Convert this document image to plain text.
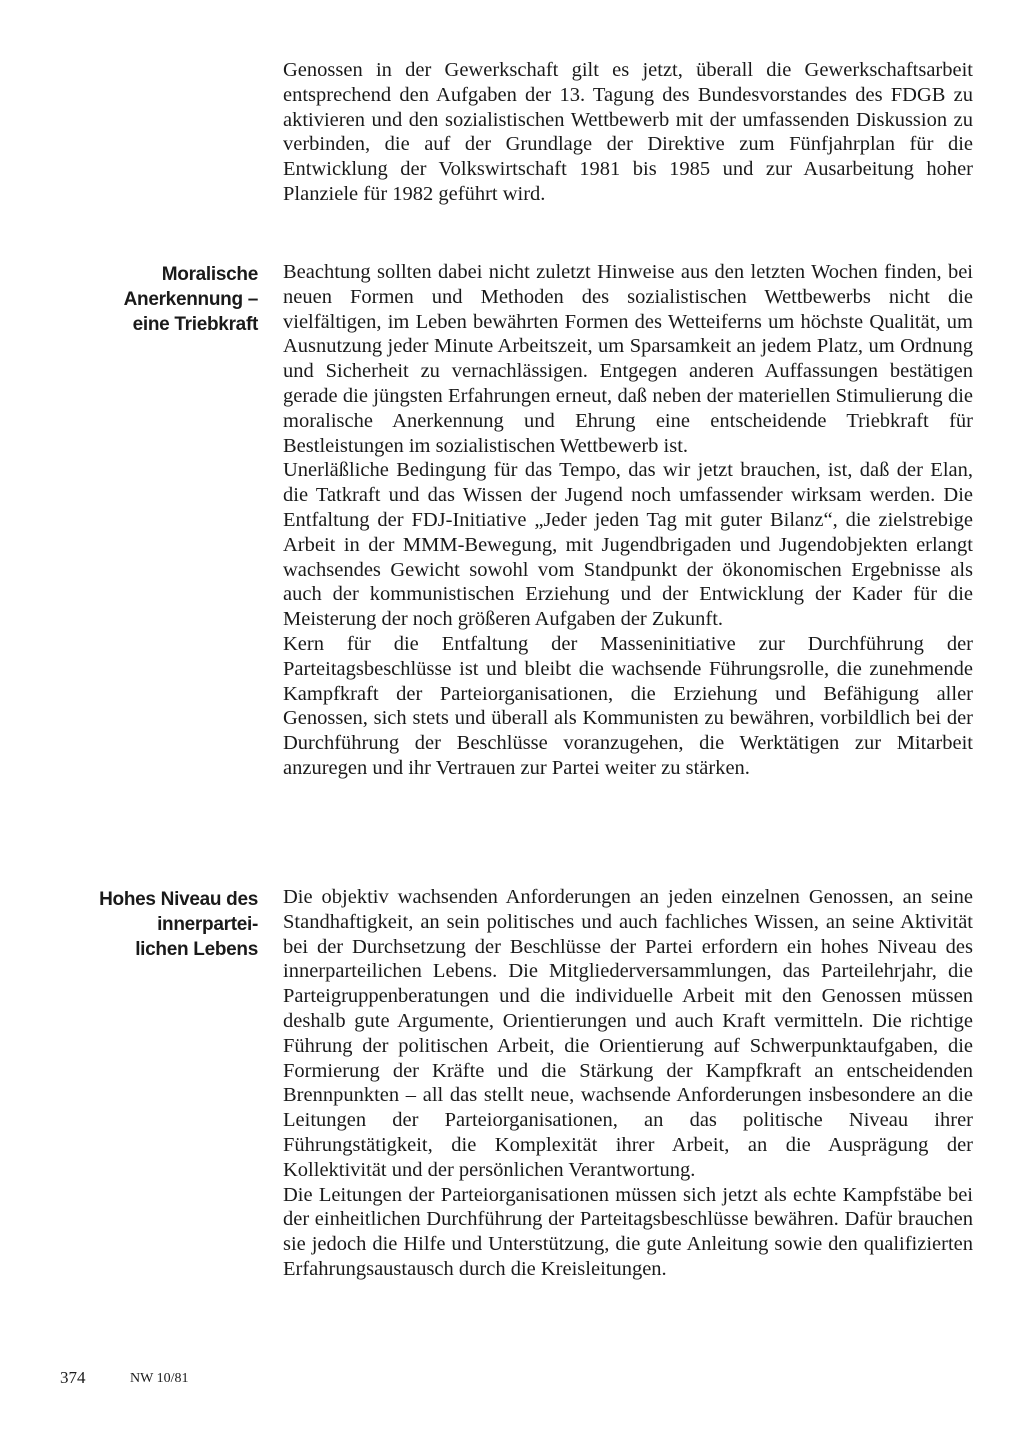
Genossen in der Gewerkschaft gilt es jetzt, überall die Gewerkschaftsarbeit entsprechend den Aufgaben der 13. Tagung des Bundesvorstandes des FDGB zu aktivieren und den sozialistischen Wettbewerb mit der umfassenden Diskussion zu verbinden, die auf der Grundlage der Direktive zum Fünfjahrplan für die Entwicklung der Volkswirtschaft 1981 bis 1985 und zur Ausarbeitung hoher Planziele für 1982 geführt wird.

Moralische
Anerkennung –
eine Triebkraft

Beachtung sollten dabei nicht zuletzt Hinweise aus den letzten Wochen finden, bei neuen Formen und Methoden des sozialistischen Wettbewerbs nicht die vielfältigen, im Leben bewährten Formen des Wetteiferns um höchste Qualität, um Ausnutzung jeder Minute Arbeitszeit, um Sparsamkeit an jedem Platz, um Ordnung und Sicherheit zu vernachlässigen. Entgegen anderen Auffassungen bestätigen gerade die jüngsten Erfahrungen erneut, daß neben der materiellen Stimulierung die moralische Anerkennung und Ehrung eine entscheidende Triebkraft für Bestleistungen im sozialistischen Wettbewerb ist.

Unerläßliche Bedingung für das Tempo, das wir jetzt brauchen, ist, daß der Elan, die Tatkraft und das Wissen der Jugend noch umfassender wirksam werden. Die Entfaltung der FDJ-Initiative „Jeder jeden Tag mit guter Bilanz“, die zielstrebige Arbeit in der MMM-Bewegung, mit Jugendbrigaden und Jugendobjekten erlangt wachsendes Gewicht sowohl vom Standpunkt der ökonomischen Ergebnisse als auch der kommunistischen Erziehung und der Entwicklung der Kader für die Meisterung der noch größeren Aufgaben der Zukunft.

Kern für die Entfaltung der Masseninitiative zur Durchführung der Parteitagsbeschlüsse ist und bleibt die wachsende Führungsrolle, die zunehmende Kampfkraft der Parteiorganisationen, die Erziehung und Befähigung aller Genossen, sich stets und überall als Kommunisten zu bewähren, vorbildlich bei der Durchführung der Beschlüsse voranzugehen, die Werktätigen zur Mitarbeit anzuregen und ihr Vertrauen zur Partei weiter zu stärken.

Hohes Niveau des
innerpartei-
lichen Lebens

Die objektiv wachsenden Anforderungen an jeden einzelnen Genossen, an seine Standhaftigkeit, an sein politisches und auch fachliches Wissen, an seine Aktivität bei der Durchsetzung der Beschlüsse der Partei erfordern ein hohes Niveau des innerparteilichen Lebens. Die Mitgliederversammlungen, das Parteilehrjahr, die Parteigruppenberatungen und die individuelle Arbeit mit den Genossen müssen deshalb gute Argumente, Orientierungen und auch Kraft vermitteln. Die richtige Führung der politischen Arbeit, die Orientierung auf Schwerpunktaufgaben, die Formierung der Kräfte und die Stärkung der Kampfkraft an entscheidenden Brennpunkten – all das stellt neue, wachsende Anforderungen insbesondere an die Leitungen der Parteiorganisationen, an das politische Niveau ihrer Führungstätigkeit, die Komplexität ihrer Arbeit, an die Ausprägung der Kollektivität und der persönlichen Verantwortung.

Die Leitungen der Parteiorganisationen müssen sich jetzt als echte Kampfstäbe bei der einheitlichen Durchführung der Parteitagsbeschlüsse bewähren. Dafür brauchen sie jedoch die Hilfe und Unterstützung, die gute Anleitung sowie den qualifizierten Erfahrungsaustausch durch die Kreisleitungen.

374	NW 10/81
